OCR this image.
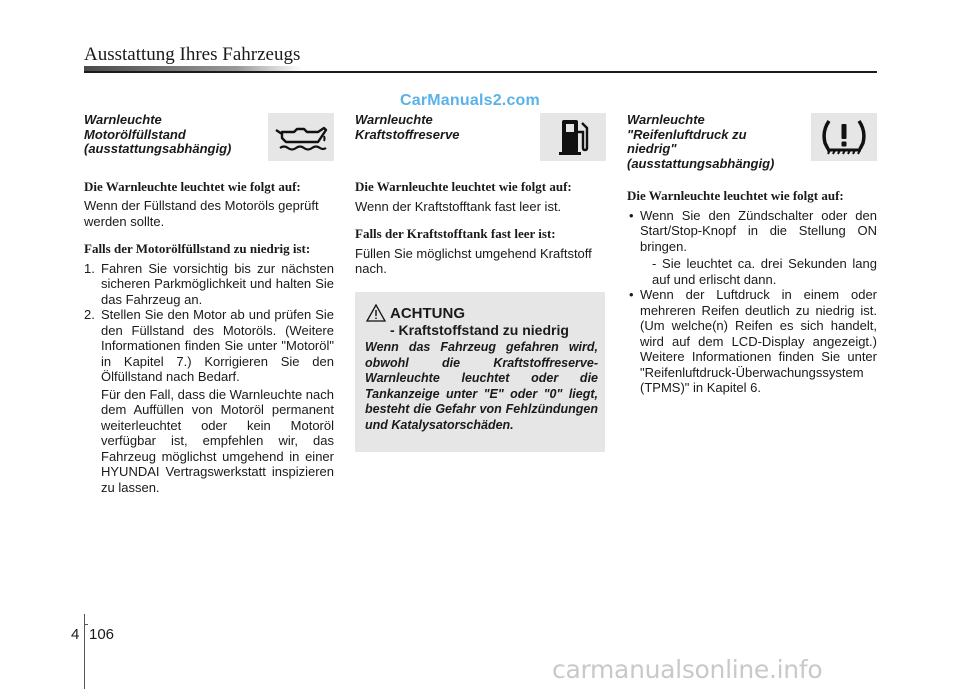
Ausstattung Ihres Fahrzeugs
CarManuals2.com
Warnleuchte
Motorölfüllstand
(ausstattungsabhängig)
Die Warnleuchte leuchtet wie folgt auf:
Wenn der Füllstand des Motoröls geprüft werden sollte.
Falls der Motorölfüllstand zu niedrig ist:
1. Fahren Sie vorsichtig bis zur nächsten sicheren Parkmöglichkeit und halten Sie das Fahrzeug an.
2. Stellen Sie den Motor ab und prüfen Sie den Füllstand des Motoröls. (Weitere Informationen finden Sie unter "Motoröl" in Kapitel 7.) Korrigieren Sie den Ölfüllstand nach Bedarf.
Für den Fall, dass die Warnleuchte nach dem Auffüllen von Motoröl permanent weiterleuchtet oder kein Motoröl verfügbar ist, empfehlen wir, das Fahrzeug möglichst umgehend in einer HYUNDAI Vertragswerkstatt inspizieren zu lassen.
Warnleuchte
Kraftstoffreserve
Die Warnleuchte leuchtet wie folgt auf:
Wenn der Kraftstofftank fast leer ist.
Falls der Kraftstofftank fast leer ist:
Füllen Sie möglichst umgehend Kraftstoff nach.
ACHTUNG
- Kraftstoffstand zu niedrig
Wenn das Fahrzeug gefahren wird, obwohl die Kraftstoffreserve-Warnleuchte leuchtet oder die Tankanzeige unter "E" oder "0" liegt, besteht die Gefahr von Fehlzündungen und Katalysatorschäden.
Warnleuchte
"Reifenluftdruck zu
niedrig"
(ausstattungsabhängig)
Die Warnleuchte leuchtet wie folgt auf:
• Wenn Sie den Zündschalter oder den Start/Stop-Knopf in die Stellung ON bringen.
- Sie leuchtet ca. drei Sekunden lang auf und erlischt dann.
• Wenn der Luftdruck in einem oder mehreren Reifen deutlich zu niedrig ist. (Um welche(n) Reifen es sich handelt, wird auf dem LCD-Display angezeigt.) Weitere Informationen finden Sie unter "Reifenluftdruck-Überwachungssystem (TPMS)" in Kapitel 6.
4 106
carmanualsonline.info
